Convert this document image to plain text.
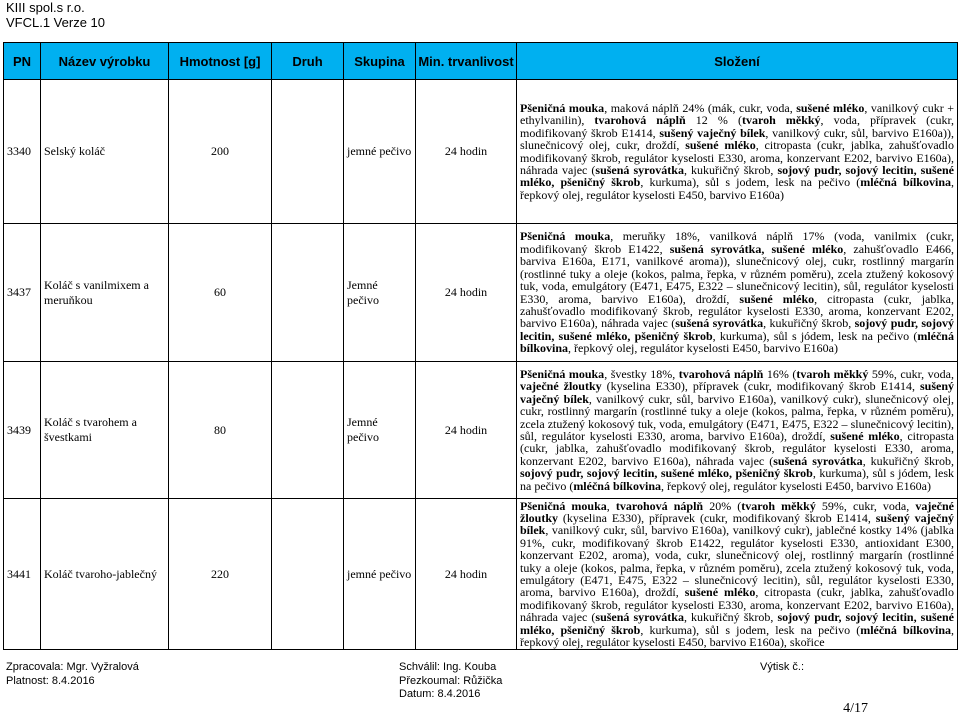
KIII spol.s r.o.
VFCL.1 Verze 10
PN	Název výrobku	Hmotnost [g]	Druh	Skupina	Min. trvanlivost	Složení
3340	Selský koláč	200		jemné pečivo	24 hodin	Pšeničná mouka, maková náplň 24% (mák, cukr, voda, sušené mléko, vanilkový cukr + ethylvanilin), tvarohová náplň 12 % (tvaroh měkký, voda, přípravek (cukr, modifikovaný škrob E1414, sušený vaječný bílek, vanilkový cukr, sůl, barvivo E160a)), slunečnicový olej, cukr, droždí, sušené mléko, citropasta (cukr, jablka, zahušťovadlo modifikovaný škrob, regulátor kyselosti E330, aroma, konzervant E202, barvivo E160a), náhrada vajec (sušená syrovátka, kukuřičný škrob, sojový pudr, sojový lecitin, sušené mléko, pšeničný škrob, kurkuma), sůl s jodem, lesk na pečivo (mléčná bílkovina, řepkový olej, regulátor kyselosti E450, barvivo E160a)
3437	Koláč s vanilmixem a meruňkou	60		Jemné pečivo	24 hodin	Pšeničná mouka, meruňky 18%, vanilková náplň 17% (voda, vanilmix (cukr, modifikovaný škrob E1422, sušená syrovátka, sušené mléko, zahušťovadlo E466, barviva E160a, E171, vanilkové aroma)), slunečnicový olej, cukr, rostlinný margarín (rostlinné tuky a oleje (kokos, palma, řepka, v různém poměru), zcela ztužený kokosový tuk, voda, emulgátory (E471, E475, E322 – slunečnicový lecitin), sůl, regulátor kyselosti E330, aroma, barvivo E160a), droždí, sušené mléko, citropasta (cukr, jablka, zahušťovadlo modifikovaný škrob, regulátor kyselosti E330, aroma, konzervant E202, barvivo E160a), náhrada vajec (sušená syrovátka, kukuřičný škrob, sojový pudr, sojový lecitin, sušené mléko, pšeničný škrob, kurkuma), sůl s jódem, lesk na pečivo (mléčná bílkovina, řepkový olej, regulátor kyselosti E450, barvivo E160a)
3439	Koláč s tvarohem a švestkami	80		Jemné pečivo	24 hodin	Pšeničná mouka, švestky 18%, tvarohová náplň 16% (tvaroh měkký 59%, cukr, voda, vaječné žloutky (kyselina E330), přípravek (cukr, modifikovaný škrob E1414, sušený vaječný bílek, vanilkový cukr, sůl, barvivo E160a), vanilkový cukr), slunečnicový olej, cukr, rostlinný margarín (rostlinné tuky a oleje (kokos, palma, řepka, v různém poměru), zcela ztužený kokosový tuk, voda, emulgátory (E471, E475, E322 – slunečnicový lecitin), sůl, regulátor kyselosti E330, aroma, barvivo E160a), droždí, sušené mléko, citropasta (cukr, jablka, zahušťovadlo modifikovaný škrob, regulátor kyselosti E330, aroma, konzervant E202, barvivo E160a), náhrada vajec (sušená syrovátka, kukuřičný škrob, sojový pudr, sojový lecitin, sušené mléko, pšeničný škrob, kurkuma), sůl s jódem, lesk na pečivo (mléčná bílkovina, řepkový olej, regulátor kyselosti E450, barvivo E160a)
3441	Koláč tvaroho-jablečný	220		jemné pečivo	24 hodin	Pšeničná mouka, tvarohová náplň 20% (tvaroh měkký 59%, cukr, voda, vaječné žloutky (kyselina E330), přípravek (cukr, modifikovaný škrob E1414, sušený vaječný bílek, vanilkový cukr, sůl, barvivo E160a), vanilkový cukr), jablečné kostky 14% (jablka 91%, cukr, modifikovaný škrob E1422, regulátor kyselosti E330, antioxidant E300, konzervant E202, aroma), voda, cukr, slunečnicový olej, rostlinný margarín (rostlinné tuky a oleje (kokos, palma, řepka, v různém poměru), zcela ztužený kokosový tuk, voda, emulgátory (E471, E475, E322 – slunečnicový lecitin), sůl, regulátor kyselosti E330, aroma, barvivo E160a), droždí, sušené mléko, citropasta (cukr, jablka, zahušťovadlo modifikovaný škrob, regulátor kyselosti E330, aroma, konzervant E202, barvivo E160a), náhrada vajec (sušená syrovátka, kukuřičný škrob, sojový pudr, sojový lecitin, sušené mléko, pšeničný škrob, kurkuma), sůl s jodem, lesk na pečivo (mléčná bílkovina, řepkový olej, regulátor kyselosti E450, barvivo E160a), skořice
Zpracovala: Mgr. Vyžralová
Platnost: 8.4.2016
Schválil: Ing. Kouba
Přezkoumal: Růžička
Datum: 8.4.2016
Výtisk č.:
4/17
